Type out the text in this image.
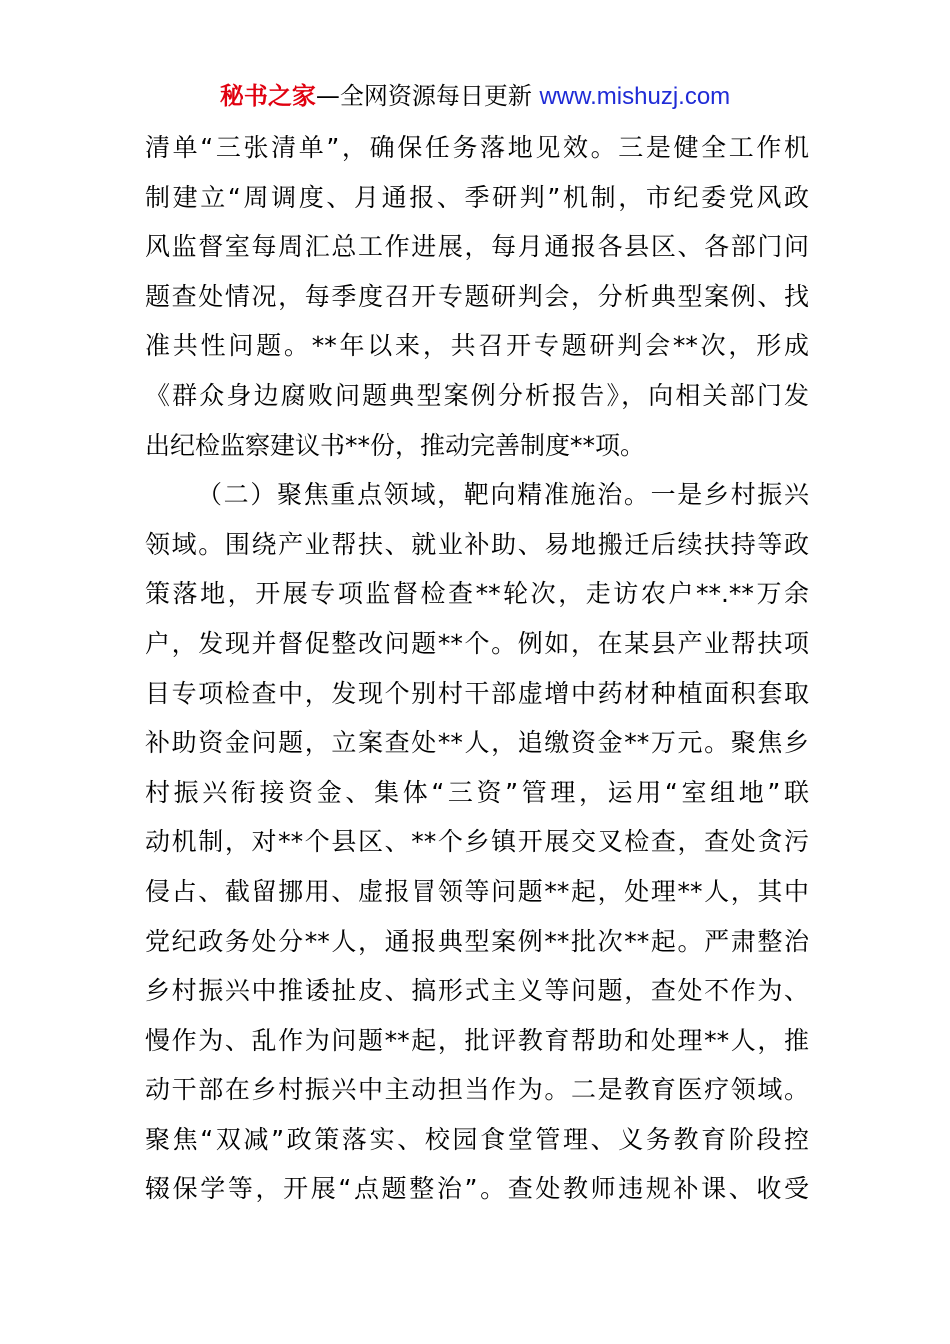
秘书之家—全网资源每日更新 www.mishuzj.com
清单“三张清单”，确保任务落地见效。三是健全工作机
制建立“周调度、月通报、季研判”机制，市纪委党风政
风监督室每周汇总工作进展，每月通报各县区、各部门问
题查处情况，每季度召开专题研判会，分析典型案例、找
准共性问题。**年以来，共召开专题研判会**次，形成
《群众身边腐败问题典型案例分析报告》，向相关部门发
出纪检监察建议书**份，推动完善制度**项。
（二）聚焦重点领域，靶向精准施治。一是乡村振兴
领域。围绕产业帮扶、就业补助、易地搬迁后续扶持等政
策落地，开展专项监督检查**轮次，走访农户**.**万余
户，发现并督促整改问题**个。例如，在某县产业帮扶项
目专项检查中，发现个别村干部虚增中药材种植面积套取
补助资金问题，立案查处**人，追缴资金**万元。聚焦乡
村振兴衔接资金、集体“三资”管理，运用“室组地”联
动机制，对**个县区、**个乡镇开展交叉检查，查处贪污
侵占、截留挪用、虚报冒领等问题**起，处理**人，其中
党纪政务处分**人，通报典型案例**批次**起。严肃整治
乡村振兴中推诿扯皮、搞形式主义等问题，查处不作为、
慢作为、乱作为问题**起，批评教育帮助和处理**人，推
动干部在乡村振兴中主动担当作为。二是教育医疗领域。
聚焦“双减”政策落实、校园食堂管理、义务教育阶段控
辍保学等，开展“点题整治”。查处教师违规补课、收受
